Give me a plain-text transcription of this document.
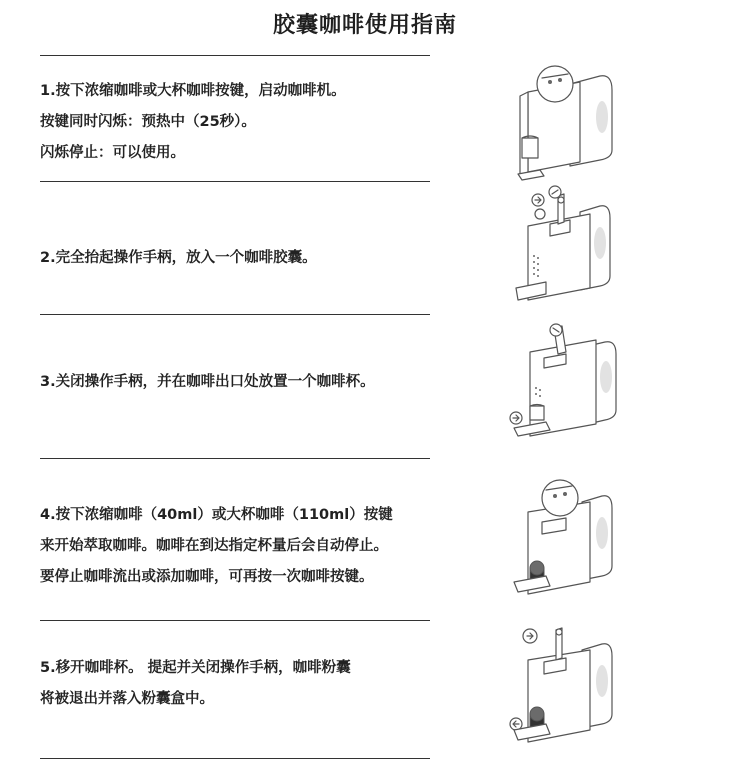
胶囊咖啡使用指南
1.按下浓缩咖啡或大杯咖啡按键，启动咖啡机。
按键同时闪烁：预热中（25秒）。
闪烁停止：可以使用。
2.完全抬起操作手柄，放入一个咖啡胶囊。
3.关闭操作手柄，并在咖啡出口处放置一个咖啡杯。
4.按下浓缩咖啡（40ml）或大杯咖啡（110ml）按键
来开始萃取咖啡。咖啡在到达指定杯量后会自动停止。
要停止咖啡流出或添加咖啡，可再按一次咖啡按键。
5.移开咖啡杯。 提起并关闭操作手柄，咖啡粉囊
将被退出并落入粉囊盒中。
